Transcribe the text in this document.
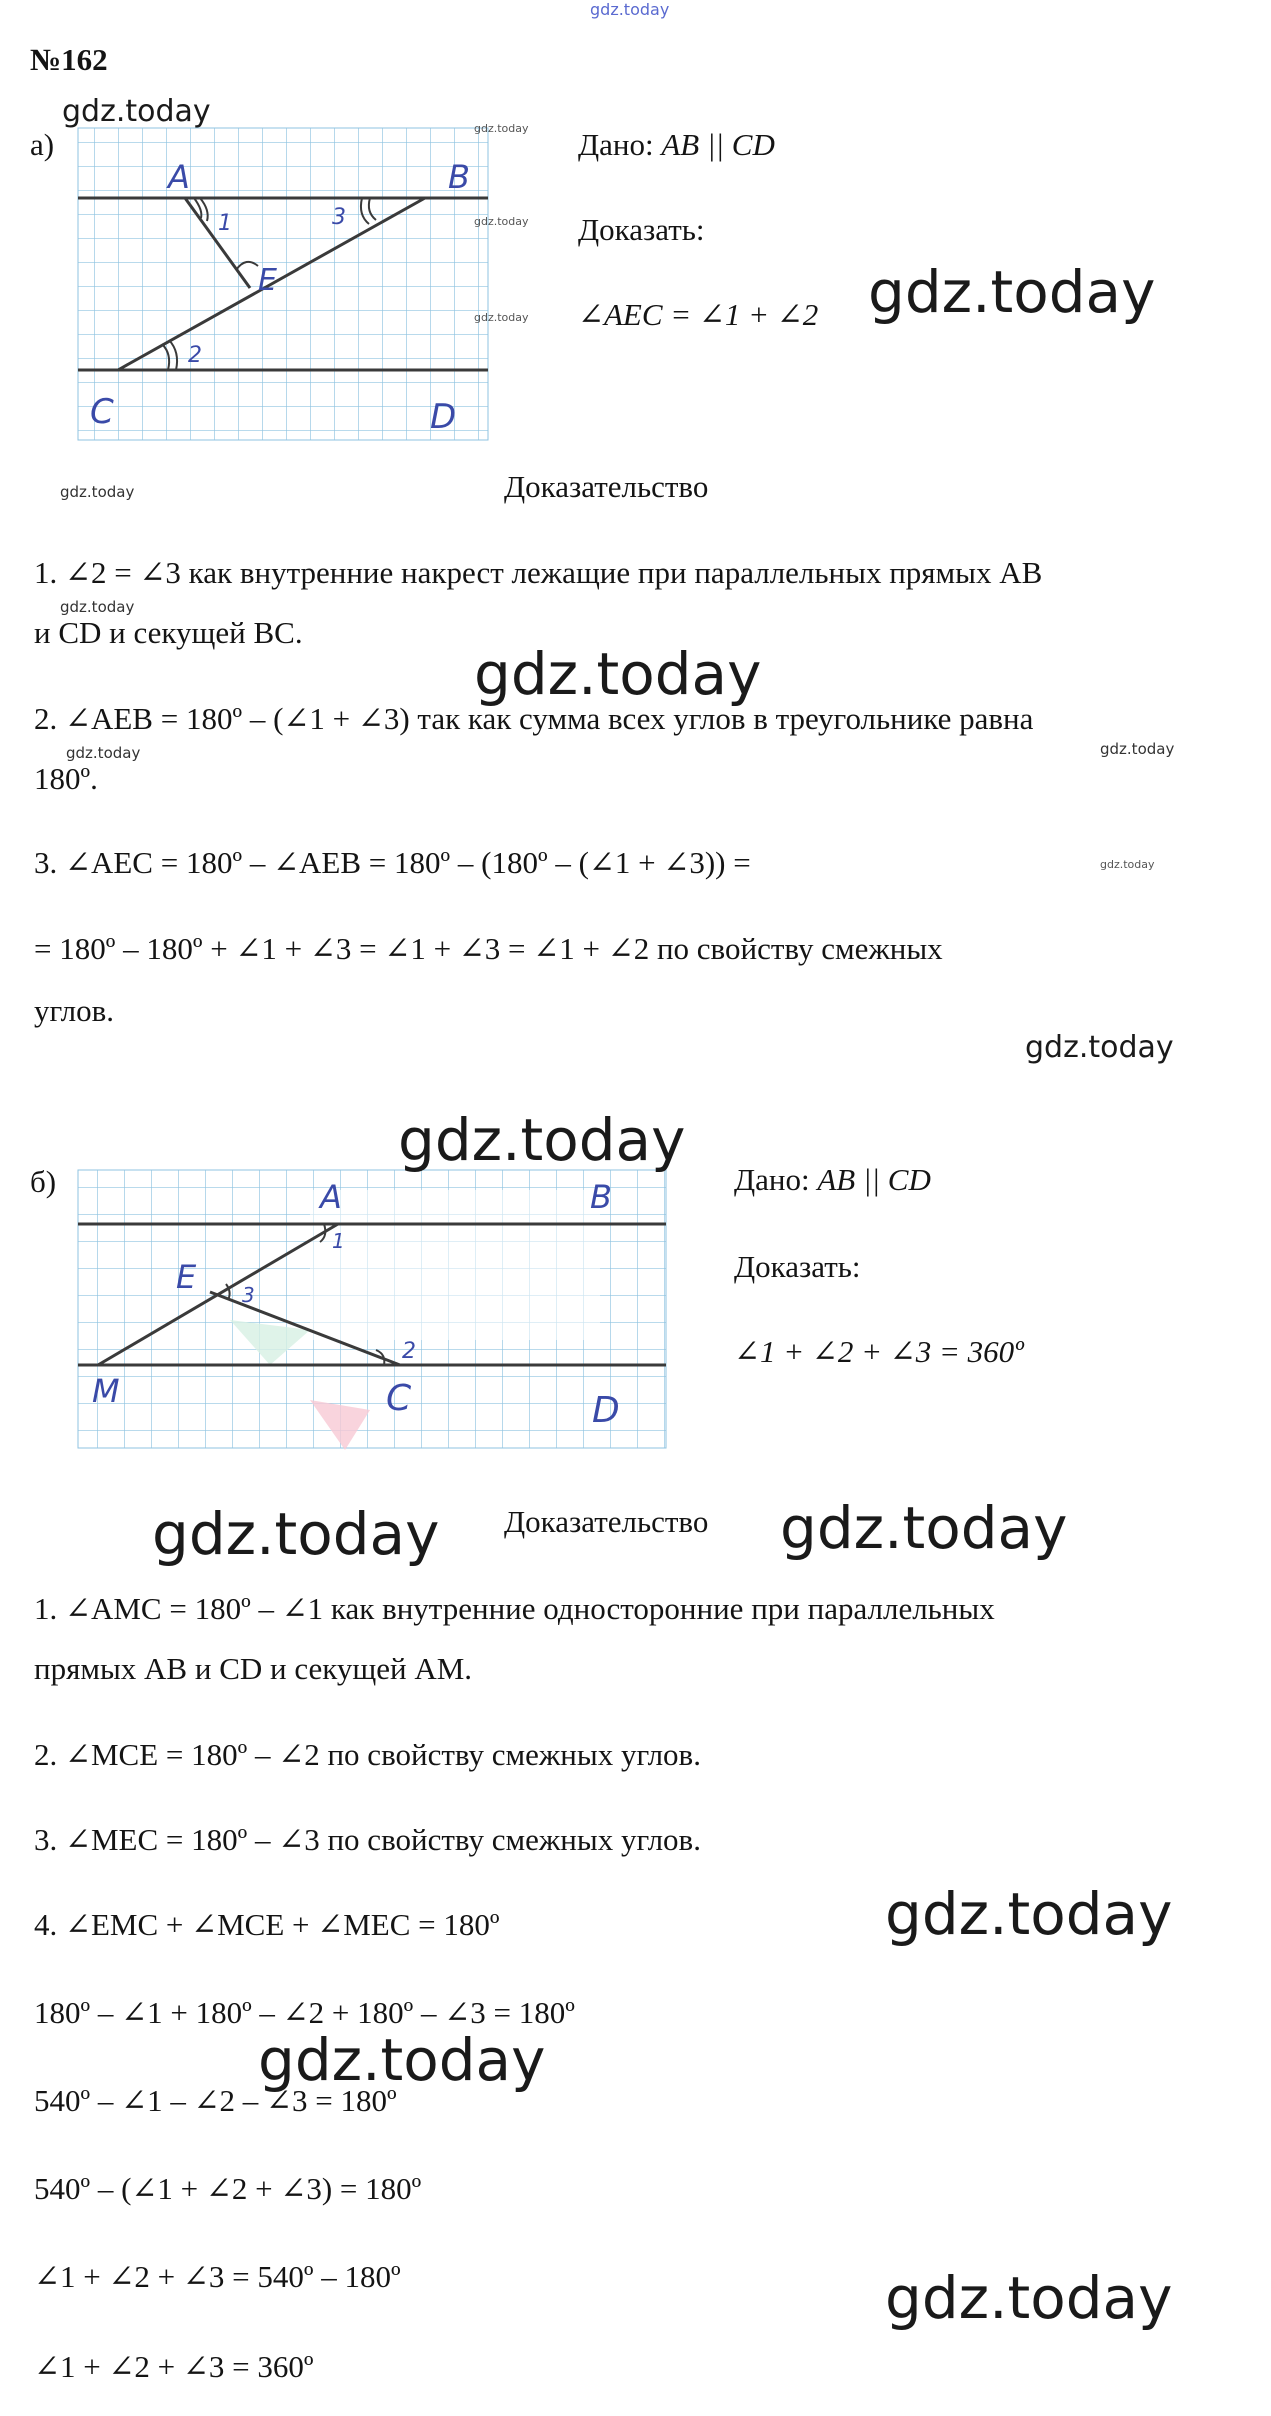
gdz.today
№162
а)
A	B
C	D
E
1
2
3
Дано: AB || CD
Доказать:
∠AEC = ∠1 + ∠2
Доказательство
1. ∠2 = ∠3 как внутренние накрест лежащие при параллельных прямых AB
и CD и секущей BC.
2. ∠AEB = 180º – (∠1 + ∠3) так как сумма всех углов в треугольнике равна
180º.
3. ∠AEC = 180º – ∠AEB = 180º – (180º – (∠1 + ∠3)) =
= 180º – 180º + ∠1 + ∠3 = ∠1 + ∠3 = ∠1 + ∠2 по свойству смежных
углов.
б)	A	B
E
M	C	D
1
2
3
Дано: AB || CD
Доказать:
∠1 + ∠2 + ∠3 = 360º
Доказательство
1. ∠AMC = 180º – ∠1 как внутренние односторонние при параллельных
прямых AB и CD и секущей AM.
2. ∠MCE = 180º – ∠2 по свойству смежных углов.
3. ∠MEC = 180º – ∠3 по свойству смежных углов.
4. ∠EMC + ∠MCE + ∠MEC = 180º
180º – ∠1 + 180º – ∠2 + 180º – ∠3 = 180º
540º – ∠1 – ∠2 – ∠3 = 180º
540º – (∠1 + ∠2 + ∠3) = 180º
∠1 + ∠2 + ∠3 = 540º – 180º
∠1 + ∠2 + ∠3 = 360º
gdz.today	gdz.today
gdz.today
gdz.today	gdz.today
gdz.today
gdz.today
gdz.today
gdz.today	gdz.today
gdz.today
gdz.today
gdz.today
gdz.today	gdz.today
gdz.today
gdz.today
gdz.today
